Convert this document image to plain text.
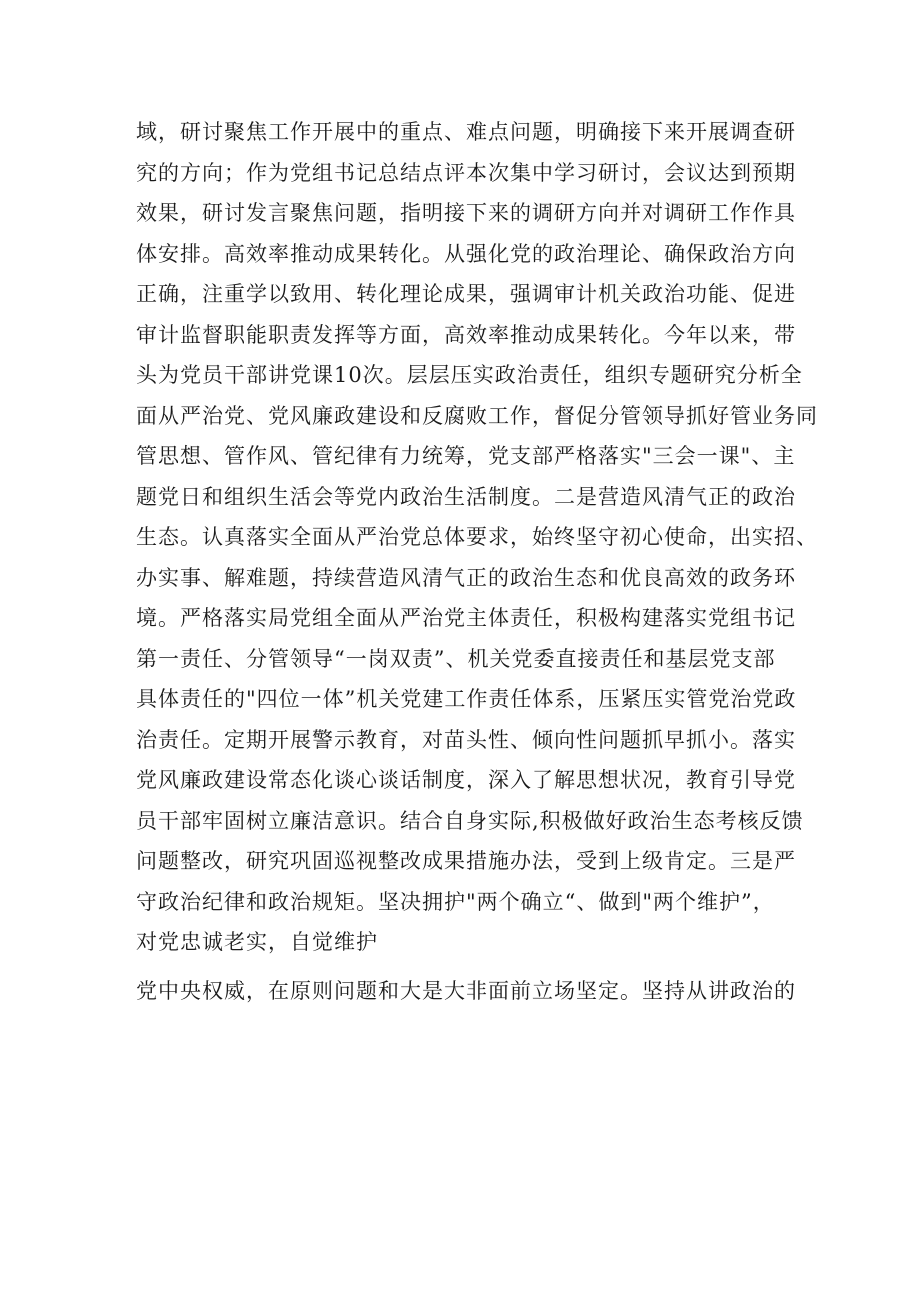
域，研讨聚焦工作开展中的重点、难点问题，明确接下来开展调查研
究的方向；作为党组书记总结点评本次集中学习研讨，会议达到预期
效果，研讨发言聚焦问题，指明接下来的调研方向并对调研工作作具
体安排。高效率推动成果转化。从强化党的政治理论、确保政治方向
正确，注重学以致用、转化理论成果，强调审计机关政治功能、促进
审计监督职能职责发挥等方面，高效率推动成果转化。今年以来，带
头为党员干部讲党课10次。层层压实政治责任，组织专题研究分析全
面从严治党、党风廉政建设和反腐败工作，督促分管领导抓好管业务同
管思想、管作风、管纪律有力统筹，党支部严格落实"三会一课"、主
题党日和组织生活会等党内政治生活制度。二是营造风清气正的政治
生态。认真落实全面从严治党总体要求，始终坚守初心使命，出实招、
办实事、解难题，持续营造风清气正的政治生态和优良高效的政务环
境。严格落实局党组全面从严治党主体责任，积极构建落实党组书记
第一责任、分管领导“一岗双责”、机关党委直接责任和基层党支部
具体责任的"四位一体”机关党建工作责任体系，压紧压实管党治党政
治责任。定期开展警示教育，对苗头性、倾向性问题抓早抓小。落实
党风廉政建设常态化谈心谈话制度，深入了解思想状况，教育引导党
员干部牢固树立廉洁意识。结合自身实际,积极做好政治生态考核反馈
问题整改，研究巩固巡视整改成果措施办法，受到上级肯定。三是严
守政治纪律和政治规矩。坚决拥护"两个确立“、做到"两个维护”，
对党忠诚老实，自觉维护
党中央权威，在原则问题和大是大非面前立场坚定。坚持从讲政治的
